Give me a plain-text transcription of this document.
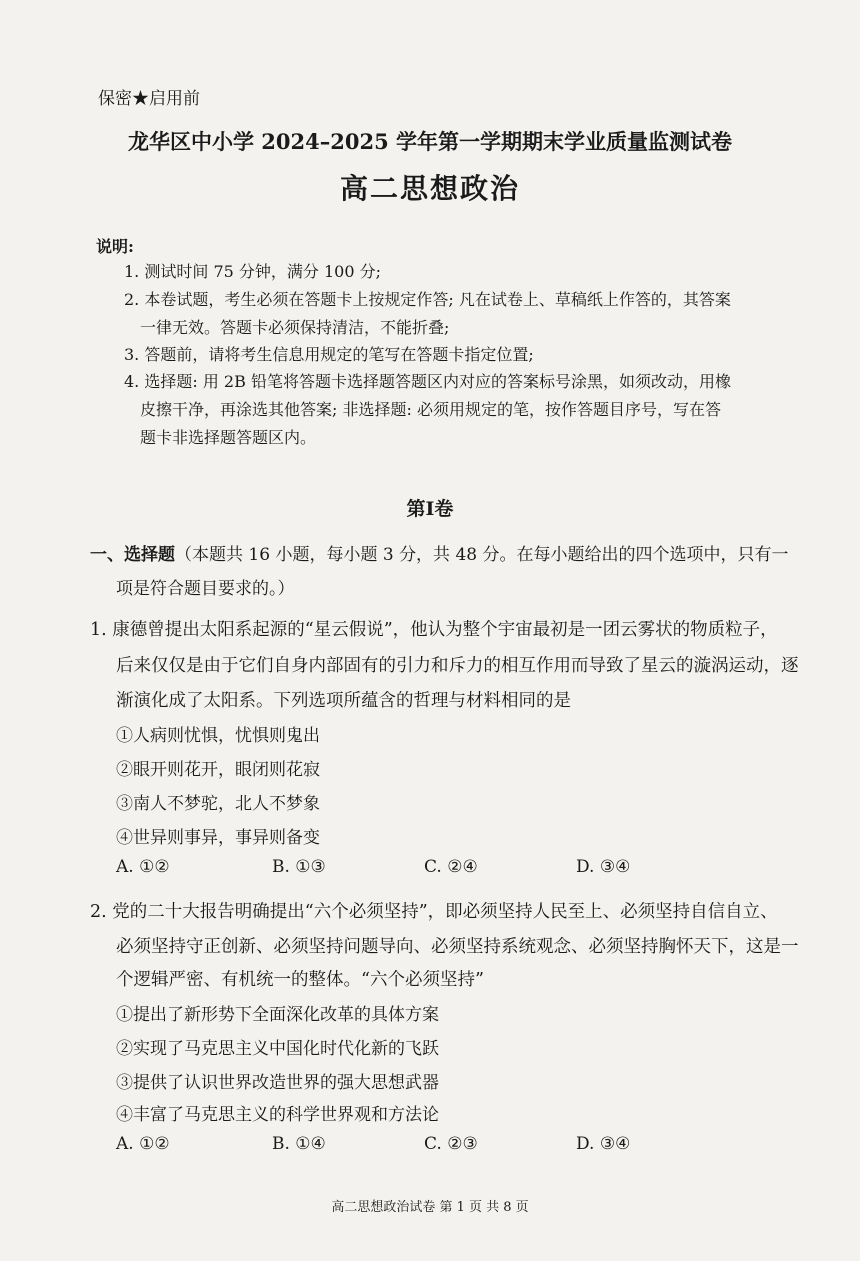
保密★启用前
龙华区中小学 2024–2025 学年第一学期期末学业质量监测试卷
高二思想政治
说明:
1. 测试时间 75 分钟，满分 100 分;
2. 本卷试题，考生必须在答题卡上按规定作答; 凡在试卷上、草稿纸上作答的，其答案
一律无效。答题卡必须保持清洁，不能折叠;
3. 答题前，请将考生信息用规定的笔写在答题卡指定位置;
4. 选择题: 用 2B 铅笔将答题卡选择题答题区内对应的答案标号涂黑，如须改动，用橡
皮擦干净，再涂选其他答案; 非选择题: 必须用规定的笔，按作答题目序号，写在答
题卡非选择题答题区内。
第Ⅰ卷
一、选择题（本题共 16 小题，每小题 3 分，共 48 分。在每小题给出的四个选项中，只有一
项是符合题目要求的。）
1. 康德曾提出太阳系起源的“星云假说”，他认为整个宇宙最初是一团云雾状的物质粒子，
后来仅仅是由于它们自身内部固有的引力和斥力的相互作用而导致了星云的漩涡运动，逐
渐演化成了太阳系。下列选项所蕴含的哲理与材料相同的是
①人病则忧惧，忧惧则鬼出
②眼开则花开，眼闭则花寂
③南人不梦驼，北人不梦象
④世异则事异，事异则备变
A. ①②	B. ①③	C. ②④	D. ③④
2. 党的二十大报告明确提出“六个必须坚持”，即必须坚持人民至上、必须坚持自信自立、
必须坚持守正创新、必须坚持问题导向、必须坚持系统观念、必须坚持胸怀天下，这是一
个逻辑严密、有机统一的整体。“六个必须坚持”
①提出了新形势下全面深化改革的具体方案
②实现了马克思主义中国化时代化新的飞跃
③提供了认识世界改造世界的强大思想武器
④丰富了马克思主义的科学世界观和方法论
A. ①②	B. ①④	C. ②③	D. ③④
高二思想政治试卷 第 1 页 共 8 页
